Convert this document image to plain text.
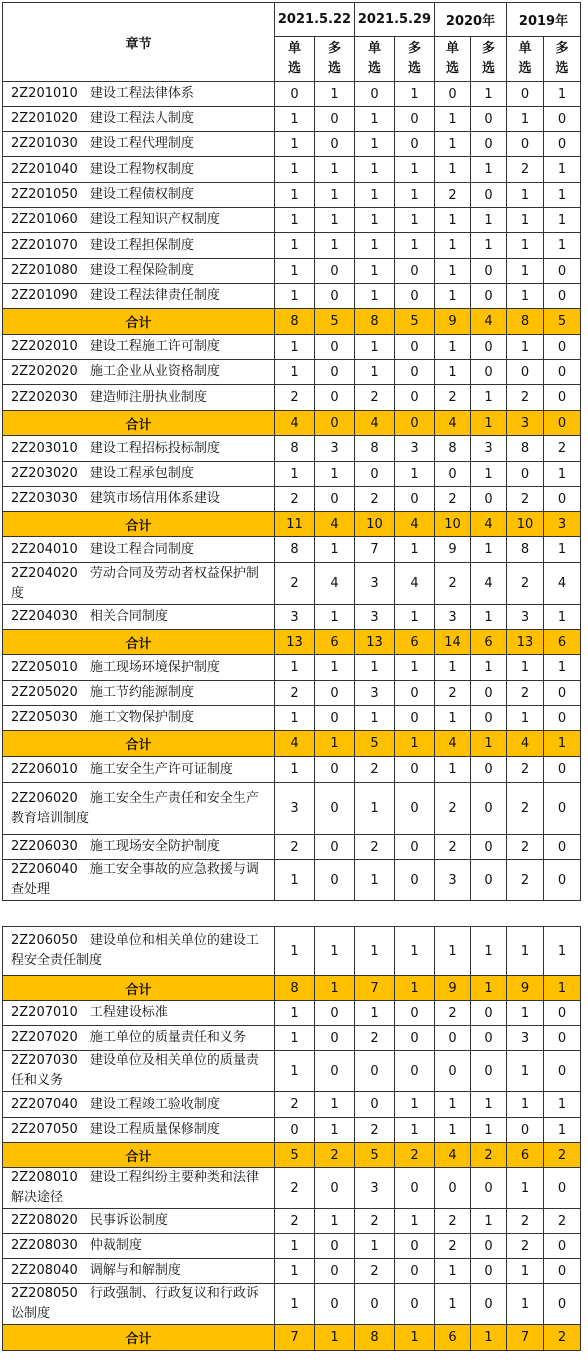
章节	2021.5.22		2021.5.29		2020年		2019年	
	单选	多选	单选	多选	单选	多选	单选	多选
2Z201010 建设工程法律体系	0	1	0	1	0	1	0	1
2Z201020 建设工程法人制度	1	0	1	0	1	0	1	0
2Z201030 建设工程代理制度	1	0	1	0	1	0	0	0
2Z201040 建设工程物权制度	1	1	1	1	1	1	2	1
2Z201050 建设工程债权制度	1	1	1	1	2	0	1	1
2Z201060 建设工程知识产权制度	1	1	1	1	1	1	1	1
2Z201070 建设工程担保制度	1	1	1	1	1	1	1	1
2Z201080 建设工程保险制度	1	0	1	0	1	0	1	0
2Z201090 建设工程法律责任制度	1	0	1	0	1	0	1	0
合计	8	5	8	5	9	4	8	5
2Z202010 建设工程施工许可制度	1	0	1	0	1	0	1	0
2Z202020 施工企业从业资格制度	1	0	1	0	1	0	0	0
2Z202030 建造师注册执业制度	2	0	2	0	2	1	2	0
合计	4	0	4	0	4	1	3	0
2Z203010 建设工程招标投标制度	8	3	8	3	8	3	8	2
2Z203020 建设工程承包制度	1	1	0	1	0	1	0	1
2Z203030 建筑市场信用体系建设	2	0	2	0	2	0	2	0
合计	11	4	10	4	10	4	10	3
2Z204010 建设工程合同制度	8	1	7	1	9	1	8	1
2Z204020 劳动合同及劳动者权益保护制度	2	4	3	4	2	4	2	4
2Z204030 相关合同制度	3	1	3	1	3	1	3	1
合计	13	6	13	6	14	6	13	6
2Z205010 施工现场环境保护制度	1	1	1	1	1	1	1	1
2Z205020 施工节约能源制度	2	0	3	0	2	0	2	0
2Z205030 施工文物保护制度	1	0	1	0	1	0	1	0
合计	4	1	5	1	4	1	4	1
2Z206010 施工安全生产许可证制度	1	0	2	0	1	0	2	0
2Z206020 施工安全生产责任和安全生产教育培训制度	3	0	1	0	2	0	2	0
2Z206030 施工现场安全防护制度	2	0	2	0	2	0	2	0
2Z206040 施工安全事故的应急救援与调查处理	1	0	1	0	3	0	2	0
2Z206050 建设单位和相关单位的建设工程安全责任制度	1	1	1	1	1	1	1	1
合计	8	1	7	1	9	1	9	1
2Z207010 工程建设标准	1	0	1	0	2	0	1	0
2Z207020 施工单位的质量责任和义务	1	0	2	0	0	0	3	0
2Z207030 建设单位及相关单位的质量责任和义务	1	0	0	0	0	0	1	0
2Z207040 建设工程竣工验收制度	2	1	0	1	1	1	1	1
2Z207050 建设工程质量保修制度	0	1	2	1	1	1	0	1
合计	5	2	5	2	4	2	6	2
2Z208010 建设工程纠纷主要种类和法律解决途径	2	0	3	0	0	0	1	0
2Z208020 民事诉讼制度	2	1	2	1	2	1	2	2
2Z208030 仲裁制度	1	0	1	0	2	0	2	0
2Z208040 调解与和解制度	1	0	2	0	1	0	1	0
2Z208050 行政强制、行政复议和行政诉讼制度	1	0	0	0	1	0	1	0
合计	7	1	8	1	6	1	7	2
